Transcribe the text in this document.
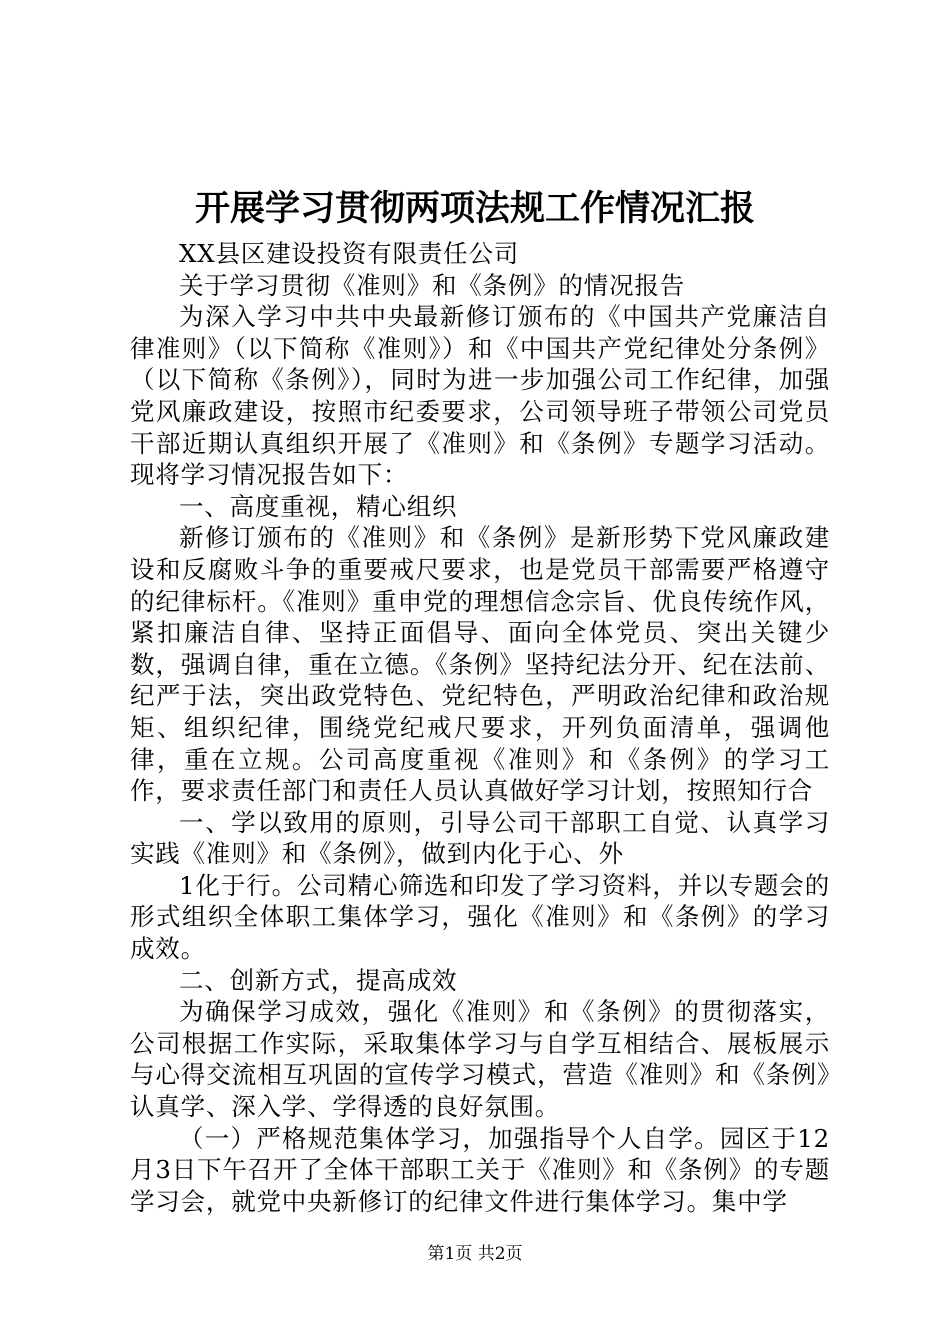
开展学习贯彻两项法规工作情况汇报

XX县区建设投资有限责任公司

关于学习贯彻《准则》和《条例》的情况报告

为深入学习中共中央最新修订颁布的《中国共产党廉洁自律准则》（以下简称《准则》）和《中国共产党纪律处分条例》（以下简称《条例》），同时为进一步加强公司工作纪律，加强党风廉政建设，按照市纪委要求，公司领导班子带领公司党员干部近期认真组织开展了《准则》和《条例》专题学习活动。现将学习情况报告如下：

一、高度重视，精心组织

新修订颁布的《准则》和《条例》是新形势下党风廉政建设和反腐败斗争的重要戒尺要求，也是党员干部需要严格遵守的纪律标杆。《准则》重申党的理想信念宗旨、优良传统作风，紧扣廉洁自律、坚持正面倡导、面向全体党员、突出关键少数，强调自律，重在立德。《条例》坚持纪法分开、纪在法前、纪严于法，突出政党特色、党纪特色，严明政治纪律和政治规矩、组织纪律，围绕党纪戒尺要求，开列负面清单，强调他律，重在立规。公司高度重视《准则》和《条例》的学习工作，要求责任部门和责任人员认真做好学习计划，按照知行合

一、学以致用的原则，引导公司干部职工自觉、认真学习实践《准则》和《条例》，做到内化于心、外

1化于行。公司精心筛选和印发了学习资料，并以专题会的形式组织全体职工集体学习，强化《准则》和《条例》的学习成效。

二、创新方式，提高成效

为确保学习成效，强化《准则》和《条例》的贯彻落实，公司根据工作实际，采取集体学习与自学互相结合、展板展示与心得交流相互巩固的宣传学习模式，营造《准则》和《条例》认真学、深入学、学得透的良好氛围。

（一）严格规范集体学习，加强指导个人自学。园区于12月3日下午召开了全体干部职工关于《准则》和《条例》的专题学习会，就党中央新修订的纪律文件进行集体学习。集中学

第1页 共2页
